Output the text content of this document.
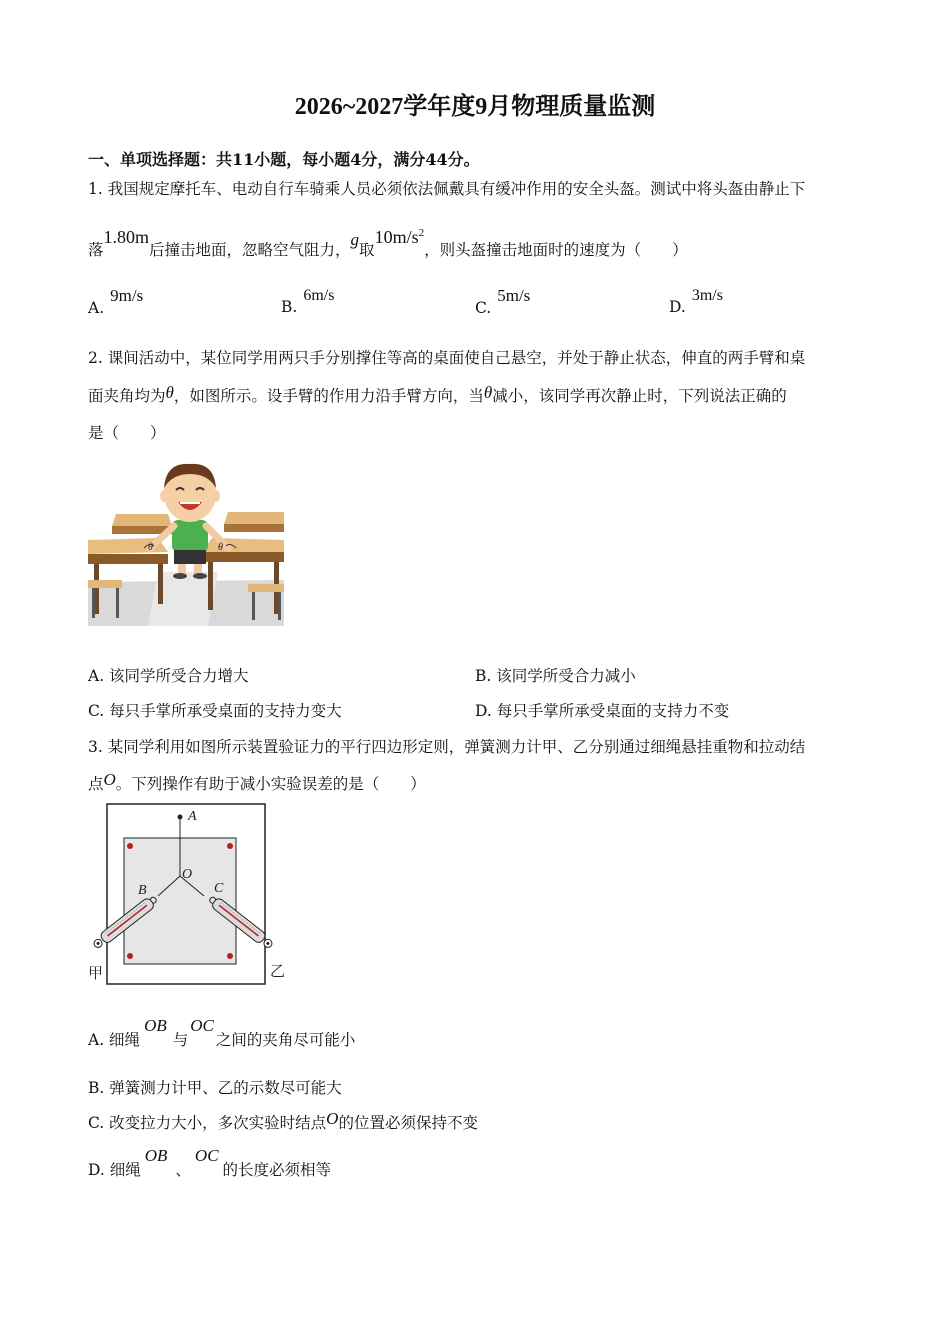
2026~2027学年度9月物理质量监测
一、单项选择题：共11小题，每小题4分，满分44分。
1. 我国规定摩托车、电动自行车骑乘人员必须依法佩戴具有缓冲作用的安全头盔。测试中将头盔由静止下
落1.80m后撞击地面，忽略空气阻力，g取$10m/s^2$，则头盔撞击地面时的速度为（　　）
A.9m/s
B.6m/s
C.5m/s
D.3m/s
2. 课间活动中，某位同学用两只手分别撑住等高的桌面使自己悬空，并处于静止状态，伸直的两手臂和桌
面夹角均为θ，如图所示。设手臂的作用力沿手臂方向，当θ减小，该同学再次静止时，下列说法正确的
是（　　）
θ	θ
A. 该同学所受合力增大	B. 该同学所受合力减小
C. 每只手掌所承受桌面的支持力变大	D. 每只手掌所承受桌面的支持力不变
3. 某同学利用如图所示装置验证力的平行四边形定则，弹簧测力计甲、乙分别通过细绳悬挂重物和拉动结
点O。下列操作有助于减小实验误差的是（　　）
A
O
B	C
甲	乙
A. 细绳OB与OC之间的夹角尽可能小
B. 弹簧测力计甲、乙的示数尽可能大
C. 改变拉力大小，多次实验时结点O的位置必须保持不变
D. 细绳OB、OC的长度必须相等
